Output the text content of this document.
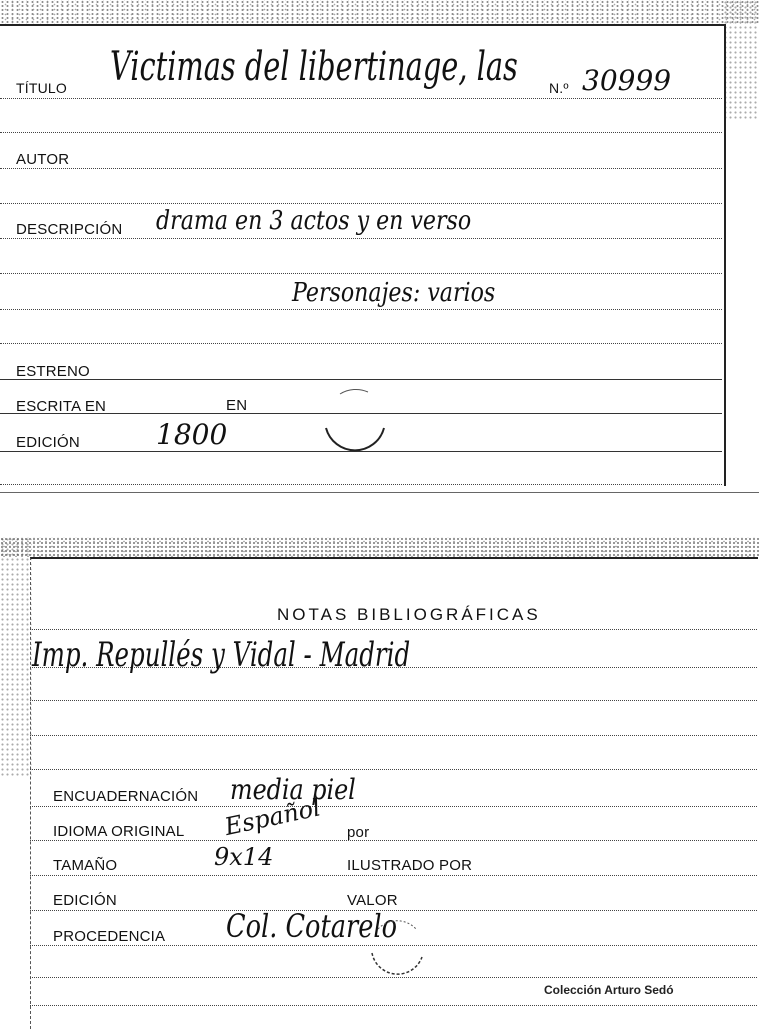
TÍTULO Victimas del libertinage, las N.º 30999
AUTOR
DESCRIPCIÓN drama en 3 actos y en verso
Personajes: varios
ESTRENO
ESCRITA EN	EN
EDICIÓN	1800
NOTAS BIBLIOGRÁFICAS
Imp. Repullés y Vidal - Madrid
ENCUADERNACIÓN media piel
IDIOMA ORIGINAL Español por
TAMAÑO	9x14	ILUSTRADO POR
EDICIÓN	VALOR
PROCEDENCIA Col. Cotarelo
Colección Arturo Sedó
